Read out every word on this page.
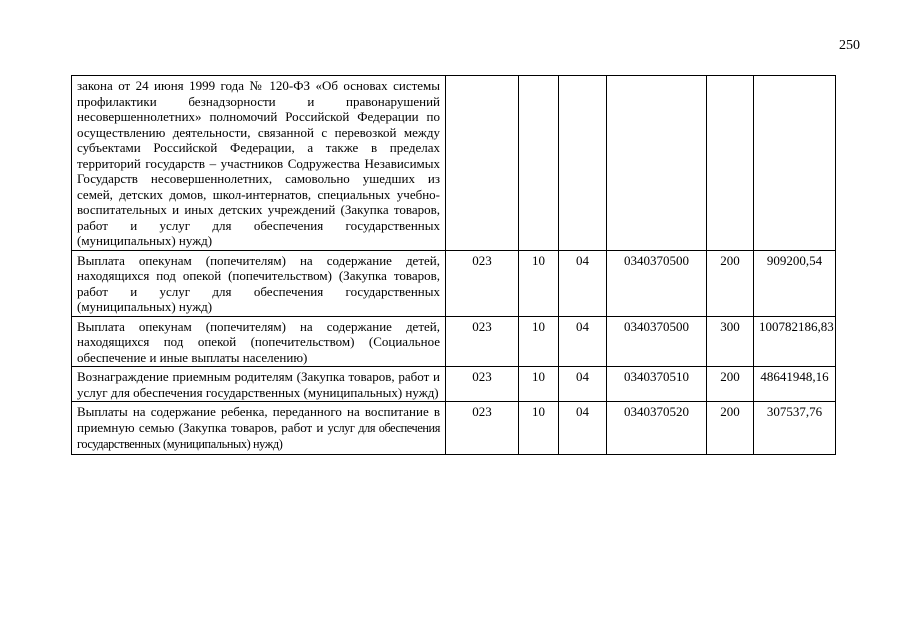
250
закона от 24 июня 1999 года № 120-ФЗ «Об основах системы профилактики безнадзорности и правонарушений несовершеннолетних» полномочий Российской Федерации по осуществлению деятельности, связанной с перевозкой между субъектами Российской Федерации, а также в пределах территорий государств – участников Содружества Независимых Государств несовершеннолетних, самовольно ушедших из семей, детских домов, школ-интернатов, специальных учебно-воспитательных и иных детских учреждений (Закупка товаров, работ и услуг для обеспечения государственных (муниципальных) нужд)						
Выплата опекунам (попечителям) на содержание детей, находящихся под опекой (попечительством) (Закупка товаров, работ и услуг для обеспечения государственных (муниципальных) нужд)	023	10	04	0340370500	200	909200,54
Выплата опекунам (попечителям) на содержание детей, находящихся под опекой (попечительством) (Социальное обеспечение и иные выплаты населению)	023	10	04	0340370500	300	100782186,83
Вознаграждение приемным родителям (Закупка товаров, работ и услуг для обеспечения государственных (муниципальных) нужд)	023	10	04	0340370510	200	48641948,16
Выплаты на содержание ребенка, переданного на воспитание в приемную семью (Закупка товаров, работ и услуг для обеспечения государственных (муниципальных) нужд)	023	10	04	0340370520	200	307537,76
